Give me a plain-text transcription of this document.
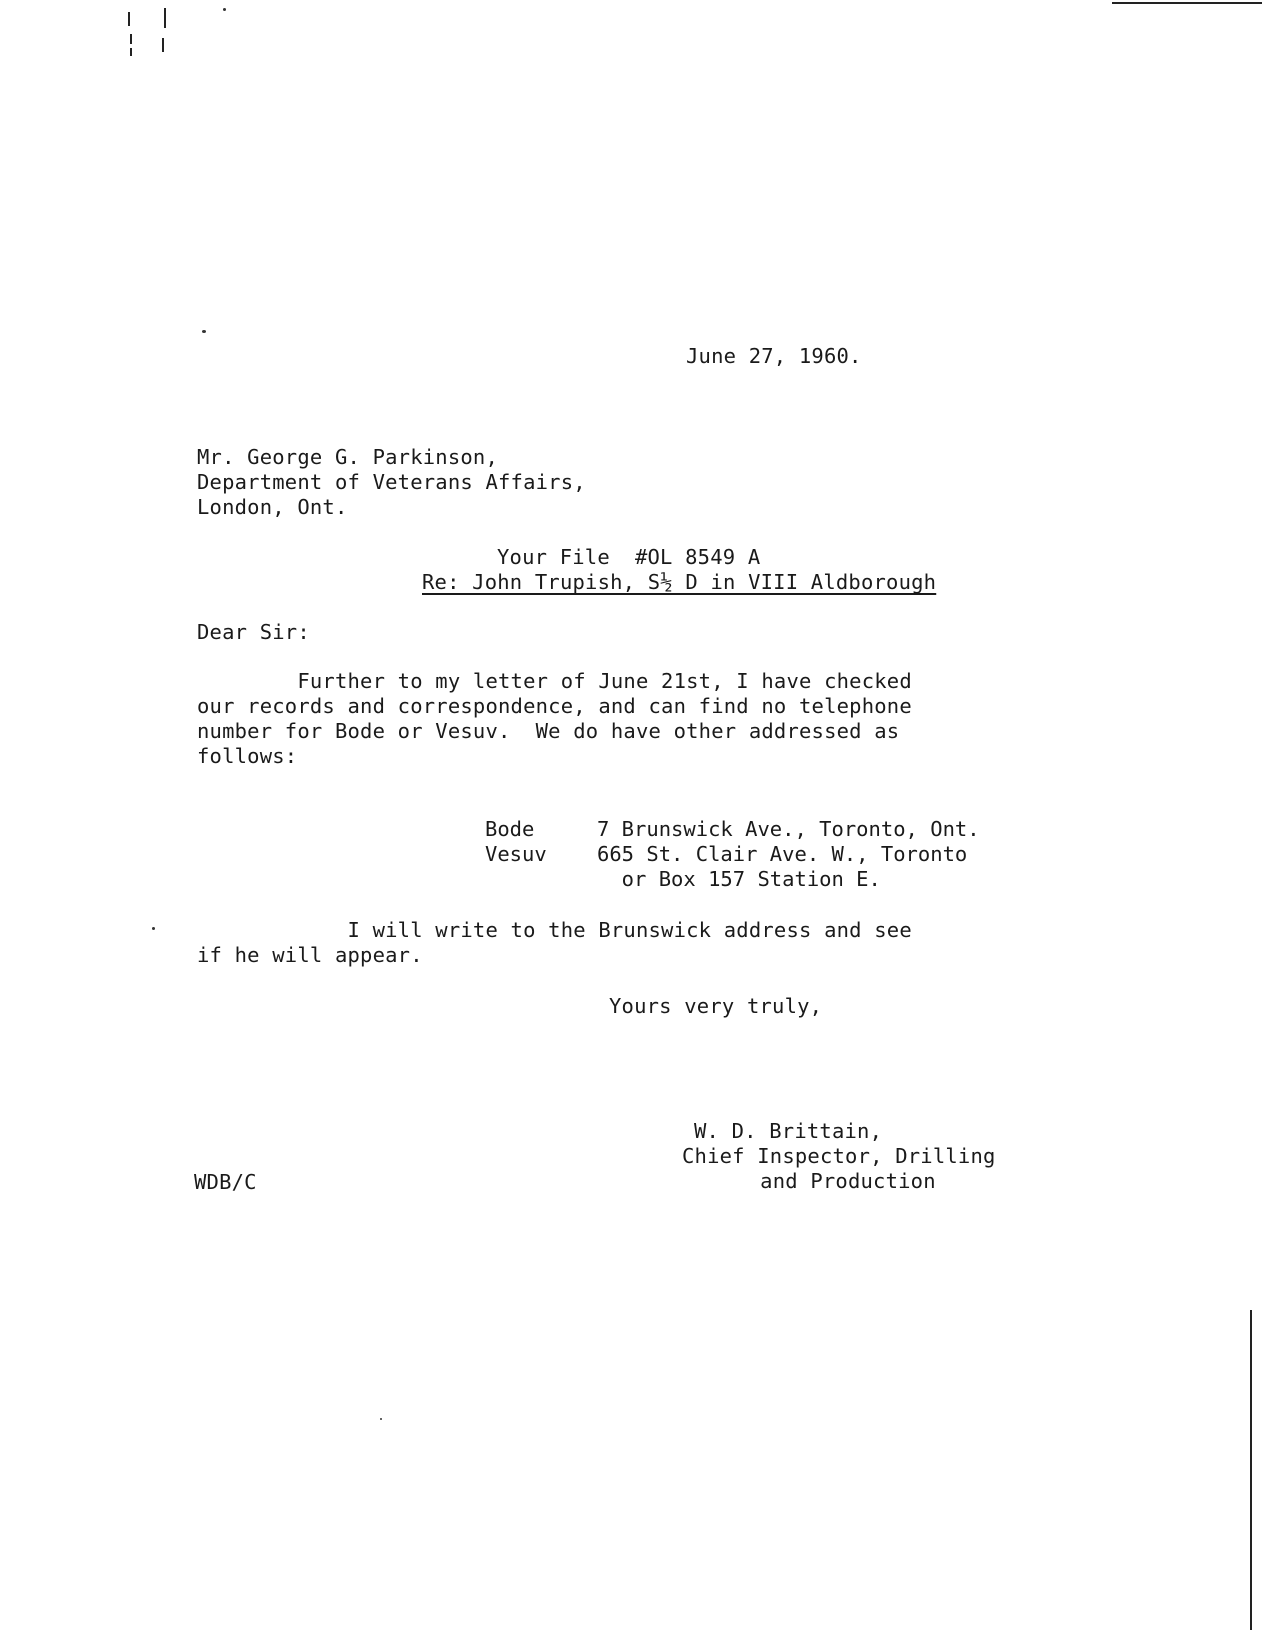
June 27, 1960.
Mr. George G. Parkinson,
Department of Veterans Affairs,
London, Ont.
Your File  #OL 8549 A
Re: John Trupish, S½ D in VIII Aldborough
Dear Sir:
Further to my letter of June 21st, I have checked
our records and correspondence, and can find no telephone
number for Bode or Vesuv.  We do have other addressed as
follows:
Bode	7 Brunswick Ave., Toronto, Ont.
Vesuv 665 St. Clair Ave. W., Toronto
or Box 157 Station E.
I will write to the Brunswick address and see
if he will appear.
Yours very truly,
W. D. Brittain,
Chief Inspector, Drilling
and Production
WDB/C
